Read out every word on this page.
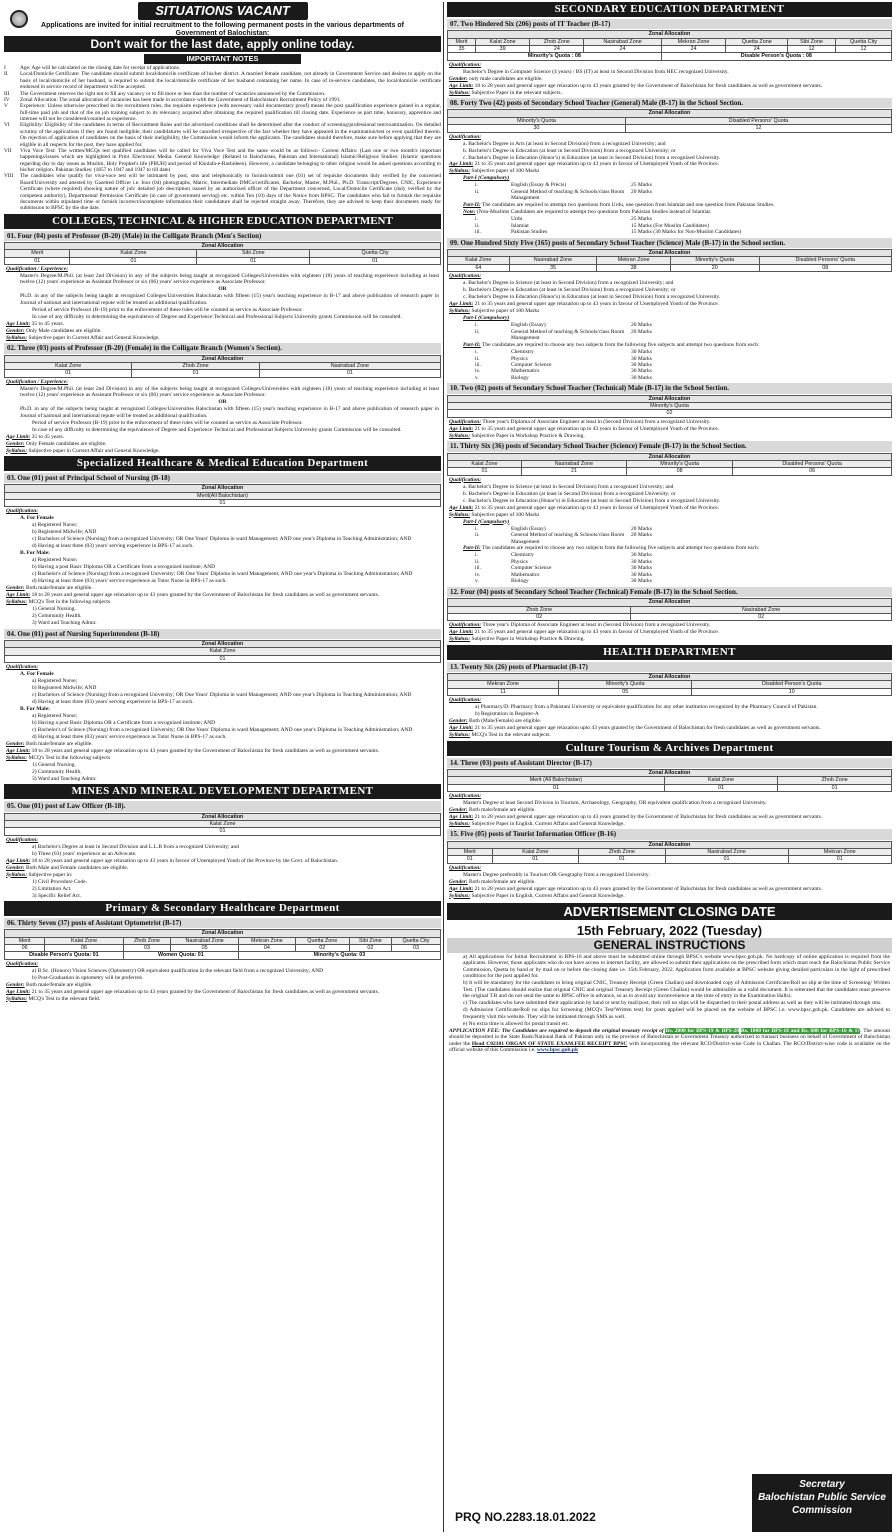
SITUATIONS VACANT
Applications are invited for initial recruitment to the following permanent posts in the various departments of Government of Balochistan:
Don't wait for the last date, apply online today.
IMPORTANT NOTES
I	Age: Age will be calculated on the closing date for receipt of applications.
II	Local/Domicile Certificate: The candidate should submit local/domicile certificate of his/her district. A married female candidate, not already in Government Service and desires to apply on the basis of local/domicile of her husband, is required to submit the local/domicile certificate of her husband containing her name. In case of in-service candidates, the local/domicile certificate endorsed in service record of department will be accepted.
III	The Government reserves the right not to fill any vacancy or to fill more or less than the number of vacancies announced by the Commission.
IV	Zonal Allocation: The zonal allocation of vacancies has been made in accordance with the Government of Balochistan's Recruitment Policy of 1991.
V	Experience: Unless otherwise prescribed in the recruitment rules, the requisite experience (with necessary valid documentary proof) means the post qualification experience gained in a regular, full-time paid job and that of the on job training subject to its relevancy acquired after obtaining the required qualification till closing date. Experience as part time, honorary, apprentice and internee will not be considered/counted as experience.
VI	Eligibility: Eligibility of the candidates in terms of Recruitment Rules and the advertised conditions shall be determined after the conduct of screening/professional test/examination. On detailed scrutiny of the applications if they are found ineligible, their candidatures will be cancelled irrespective of the fact whether they have appeared in the examination/test or even qualified therein. On rejection of application of candidates on the basis of their ineligibility, the Commission would inform the applicants. The candidates should therefore, make sure before applying that they are eligible in all respects for the post, they have applied for.
VII	Viva Voce Test: The written/MCQs test qualified candidates will be called for Viva Voce Test and the same would be as follows:- Current Affairs: (Last one or two month's important happenings/issues which are highlighted in Print /Electronic Media. General Knowledge: (Related to Balochistan, Pakistan and International) Islamic/Religious Studies: (Islamic questions regarding day to day issues as Muslim, Holy Prophet's life (PBUH) and period of Khulafa-e-Rashideen). However, a candidate belonging to other religion would be asked questions according to his/her religion. Pakistan Studies: (1857 to 1947 and 1947 to till date)
VIII	The candidates who qualify for viva-voce test will be intimated by post, sms and telephonically to furnish/submit one (01) set of requisite documents duly verified by the concerned Board/University and attested by Gazetted Officer i.e. four (04) photographs, Matric, Intermediate DMCs/certificates, Bachelor, Master, M.Phil., Ph.D. Transcript/Degrees, CNIC, Experience Certificate (where required) showing nature of job/ detailed job description issued by an authorized officer of the Department concerned, Local/Domicile Certificate (duly verified by the competent authority), Departmental Permission Certificate (in case of government serving) etc. within Ten (10) days of the Notice from BPSC. The candidates who fail to furnish the requisite documents within stipulated time or furnish incorrect/incomplete information their candidature shall be rejected straight away. Therefore, they are advised to keep their documents ready for submission to BPSC by the due date.
COLLEGES, TECHNICAL & HIGHER EDUCATION DEPARTMENT
01. Four (04) posts of Professor (B-20) (Male) in the Colligate Branch (Men's Section)
Zonal Allocation			
Merit	Kalat Zone	Sibi Zone	Quetta City
01	01	01	01
Qualification / Experience:
Master's Degree/M.Phil. (at least 2nd Division) in any of the subjects being taught at recognized Colleges/Universities with eighteen (18) years of teaching experience including at least twelve (12) years' experience as Assistant Professor or six (06) years' service experience as Associate Professor.
OR
Ph.D. in any of the subjects being taught at recognized Colleges/Universities Balochistan with fifteen (15) year's teaching experience in B-17 and above publication of research paper in Journal of national and international repute will be treated as additional qualification.
Period of service Professor (B-19) prior to the enforcement of these rules will be counted as service as Associate Professor.
In case of any difficulty in determining the equivalence of Degree and Experience Technical and Professional Subjects University grants Commission will be consulted.
Age Limit: 35 to 45 years.
Gender: Only Male candidates are eligible.
Syllabus: Subjective paper in Current Affair and General Knowledge.
02. Three (03) posts of Professor (B-20) (Female) in the Colligate Branch (Women's Section).
Zonal Allocation		
Kalat Zone	Zhob Zone	Nasirabad Zone
01	01	01
Qualification / Experience:
Master's Degree/M.Phil. (at least 2nd Division) in any of the subjects being taught at recognized Colleges/Universities with eighteen (18) years of teaching experience including at least twelve (12) years' experience as Assistant Professor or six (06) years' service experience as Associate Professor.
OR
Ph.D. in any of the subjects being taught at recognized Colleges/Universities Balochistan with fifteen (15) year's teaching experience in B-17 and above publication of research paper in Journal of national and international repute will be treated as additional qualification.
Period of service Professor (B-19) prior to the enforcement of these rules will be counted as service as Associate Professor.
In case of any difficulty in determining the equivalence of Degree and Experience Technical and Professional Subjects University grants Commission will be consulted.
Age Limit: 35 to 45 years.
Gender: Only Female candidates are eligible.
Syllabus: Subjective paper in Current Affair and General Knowledge.
Specialized Healthcare & Medical Education Department
03. One (01) post of Principal School of Nursing (B-18)
Zonal Allocation
Merit(All Balochistan)
01
Qualification:
A. For Female
a) Registered Nurse;
b) Registered Midwife; AND
c) Bachelors of Science (Nursing) from a recognized University; OR One Years' Diploma in ward Management; AND one year's Diploma in Teaching Administration; AND
d) Having at least three (03) years' serving experience in BPS-17 as such.
B. For Male:
a) Registered Nurse;
b) Having a post Basic Diploma OR a Certificate from a recognized institute; AND
c) Bachelor's of Science (Nursing) from a recognized University; OR One Years' Diploma in ward Management; AND one year's Diploma in Teaching Administration; AND
d) Having at least three (03) years' service experience as Tutor Nurse in BPS-17 as such.
Gender: Both male/female are eligible.
Age Limit: 18 to 28 years and general upper age relaxation up to 43 years granted by the Government of Balochistan for fresh candidates as well as government servants.
Syllabus: MCQ's Test in the following subjects
1) General Nursing.
2) Community Health.
3) Ward and Teaching Admn:
04. One (01) post of Nursing Superintendent (B-18)
Zonal Allocation
Kalat Zone
01
Qualification:
A. For Female
a) Registered Nurse;
b) Registered Midwife; AND
c) Bachelors of Science (Nursing) from a recognized University; OR One Years' Diploma in ward Management; AND one year's Diploma in Teaching Administration; AND
d) Having at least three (03) years' serving experience in BPS-17 as such.
B. For Male:
a) Registered Nurse;
b) Having a post Basic Diploma OR a Certificate from a recognized institute; AND
c) Bachelor's of Science (Nursing) from a recognized University; OR One Years' Diploma in ward Management; AND one year's Diploma in Teaching Administration; AND
d) Having at least three (03) years' service experience as Tutor Nurse in BPS-17 as such.
Gender: Both male/female are eligible.
Age Limit: 18 to 28 years and general upper age relaxation up to 43 years granted by the Government of Balochistan for fresh candidates as well as government servants.
Syllabus: MCQ's Test in the following subjects
1) General Nursing.
2) Community Health.
3) Ward and Teaching Admn:
MINES AND MINERAL DEVELOPMENT DEPARTMENT
05. One (01) post of Law Officer (B-18).
Zonal Allocation
Kalat Zone
01
Qualification:
a) Bachelor's Degree at least in Second Division and L.L.B from a recognized University; and
b) Three (03) years' experience as an Advocate.
Age Limit: 18 to 28 years and general upper age relaxation up to 43 years in favour of Unemployed Youth of the Province by the Govt. of Balochistan.
Gender: Both Male and Female candidates are eligible.
Syllabus: Subjective paper in:
1) Civil Procedure Code.
2) Limitation Act.
3) Specific Relief Act.
Primary & Secondary Healthcare Department
06. Thirty Seven (37) posts of Assistant Optometrist (B-17)
Zonal Allocation							
Merit	Kalat Zone	Zhob Zone	Nasirabad Zone	Mekran Zone	Quetta Zone	Sibi Zone	Quetta City
06	06	03	05	04	02	02	03
Disable Person's Quota: 01		Women Quota: 01		Minority's Quota: 03			
Qualification:
a) B.Sc. (Honors) Vision Sciences (Optometry) OR equivalent qualification in the relevant field from a recognized University; AND
b) Post-Graduation in optometry will be preferred.
Gender: Both male/female are eligible.
Age Limit: 21 to 35 years and general upper age relaxation up to 43 years granted by the Government of Balochistan for fresh candidates as well as government servants.
Syllabus: MCQ's Test in the relevant field.
SECONDARY EDUCATION DEPARTMENT
07. Two Hindered Six (206) posts of IT Teacher (B-17)
Zonal Allocation							
Merit	Kalat Zone	Zhob Zone	Nasirabad Zone	Mekran Zone	Quetta Zone	Sibi Zone	Quetta City
35	39	24	24	24	24	12	12
Minority's Quota : 08				Disable Person's Quota : 08			
Qualification:
Bachelor's Degree in Computer Science (4 years) / BS (IT) at least in Second Division from HEC recognized University.
Gender: only male candidates are eligible.
Age Limit: 18 to 28 years and general upper age relaxation up to 43 years granted by the Government of Balochistan for fresh candidates as well as government servants.
Syllabus: Subjective Paper in the relevant subjects.
08. Forty Two (42) posts of Secondary School Teacher (General) Male (B-17) in the School Section.
Zonal Allocation	
Minority's Quota	Disabled Persons' Quota
30	12
Qualification:
a. Bachelor's Degree in Arts (at least in Second Division) from a recognized University; and
b. Bachelor's Degree in Education (at least in Second Division) from a recognized University; or
c. Bachelor's Degree in Education (Honor's) in Education (at least in Second Division) from a recognized University.
Age Limit: 21 to 35 years and general upper age relaxation up to 43 years in favour of Unemployed Youth of the Province.
Syllabus: Subjective paper of 100 Marks
Part-I (Compulsory)
i.	English (Essay & Précis)	25 Marks
ii.	General Method of teaching & Schools/class Room Management
20 Marks
Part-II: The candidates are required to attempt two questions from Urdu, one question from Islamiat and one question from Pakistan Studies.
Note: (Non-Muslims Candidates are required to attempt two questions from Pakistan Studies instead of Islamiat.
i.	Urdu	25 Marks
ii.	Islamiat	15 Marks (For Muslim Candidates)
iii.	Pakistan Studies	15 Marks (30 Marks for Non-Muslim Candidates)
09. One Hundred Sixty Five (165) posts of Secondary School Teacher (Science) Male (B-17) in the School section.
Zonal Allocation				
Kalat Zone	Nasirabad Zone	Mekran Zone	Minority's Quota	Disabled Persons' Quota
64	35	38	20	08
Qualification:
a. Bachelor's Degree in Science (at least in Second Division) from a recognized University; and
b. Bachelor's Degree in Education (at least in Second Division) from a recognized University; or
c. Bachelor's Degree in Education (Honor's) in Education (at least in Second Division) from a recognized University.
Age Limit: 21 to 35 years and general upper age relaxation up to 43 years in favour of Unemployed Youth of the Province.
Syllabus: Subjective paper of 100 Marks
Part-I (Compulsory)
i.	English (Essay)	20 Marks
ii.	General Method of teaching & Schools/class Room Management
20 Marks
Part-II: The candidates are required to choose any two subjects from the following five subjects and attempt two questions from each:
i.	Chemistry	30 Marks
ii.	Physics	30 Marks
iii.	Computer Science	30 Marks
iv.	Mathematics	30 Marks
v.	Biology	30 Marks
10. Two (02) posts of Secondary School Teacher (Technical) Male (B-17) in the School Section.
Zonal Allocation
Minority's Quota
02
Qualification: Three year's Diploma of Associate Engineer at least in (Second Division) from a recognized University.
Age Limit: 21 to 35 years and general upper age relaxation up to 43 years in favour of Unemployed Youth of the Province.
Syllabus: Subjective Paper in Workshop Practice & Drawing.
11. Thirty Six (36) posts of Secondary School Teacher (Science) Female (B-17) in the School Section.
Zonal Allocation			
Kalat Zone	Nasirabad Zone	Minority's Quota	Disabled Persons' Quota
01	21	08	06
Qualification:
a. Bachelor's Degree in Science (at least in Second Division) from a recognized University; and
b. Bachelor's Degree in Education (at least in Second Division) from a recognized University; or
c. Bachelor's Degree in Education (Honor's) in Education (at least in Second Division) from a recognized University.
Age Limit: 21 to 35 years and general upper age relaxation up to 43 years in favour of Unemployed Youth of the Province.
Syllabus: Subjective paper of 100 Marks
Part-I (Compulsory)
i.	English (Essay)	20 Marks
ii.	General Method of teaching & Schools/class Room Management
20 Marks
Part-II: The candidates are required to choose any two subjects from the following five subjects and attempt two questions from each:
i.	Chemistry	30 Marks
ii.	Physics	30 Marks
iii.	Computer Science	30 Marks
iv.	Mathematics	30 Marks
v.	Biology	30 Marks
12. Four (04) posts of Secondary School Teacher (Technical) Female (B-17) in the School Section.
Zonal Allocation	
Zhob Zone	Nasirabad Zone
02	02
Qualification: Three year's Diploma of Associate Engineer at least in (Second Division) from a recognized University.
Age Limit: 21 to 35 years and general upper age relaxation up to 43 years in favour of Unemployed Youth of the Province.
Syllabus: Subjective Paper in Workshop Practice & Drawing.
HEALTH DEPARTMENT
13. Twenty Six (26) posts of Pharmacist (B-17)
Zonal Allocation		
Mekran Zone	Minority's Quota	Disabled Person's Quota
11	05	10
Qualification:
a) Pharmacy/D. Pharmacy from a Pakistani University or equivalent qualification for any other institution recognized by the Pharmacy Council of Pakistan.
b) Registration in Register-A
Gender: Both (Male/Female) are eligible.
Age Limit: 21 to 35 years and general upper age relaxation upto 43 years granted by the Government of Balochistan for fresh candidates as well as government servants.
Syllabus: MCQ's Test in the relevant subjects.
Culture Tourism & Archives Department
14. Three (03) posts of Assistant Director (B-17)
Zonal Allocation		
Merit (All Balochistan)	Kalat Zone	Zhob Zone
01	01	01
Qualification:
Master's Degree at least Second Division in Tourism, Archaeology, Geography, OR equivalent qualification from a recognized University.
Gender: Both male/female are eligible.
Age Limit: 21 to 28 years and general upper age relaxation up to 43 years granted by the Government of Balochistan for fresh candidates as well as government servants.
Syllabus: Subjective Paper in English, Current Affairs and General Knowledge.
15. Five (05) posts of Tourist Information Officer (B-16)
Zonal Allocation				
Merit	Kalat Zone	Zhob Zone	Nasirabad Zone	Mekran Zone
01	01	01	01	01
Qualification:
Master's Degree preferably in Tourism OR Geography from a recognized University.
Gender: Both male/female are eligible.
Age Limit: 21 to 28 years and general upper age relaxation up to 43 years granted by the Government of Balochistan for fresh candidates as well as government servants.
Syllabus: Subjective Paper in English, Current Affairs and General Knowledge.
ADVERTISEMENT CLOSING DATE
15th February, 2022 (Tuesday)
GENERAL INSTRUCTIONS
a) All applications for Initial Recruitment in BPS-16 and above must be submitted online through BPSC's website www.bpsc.gob.pk. No hardcopy of online application is required from the applicants. However, those applicants who do not have access to internet facility, are allowed to submit their applications on the prescribed form which must reach the Balochistan Public Service Commission, Quetta by hand or by mail on or before the closing date i.e. 15th February, 2022. Application form available at BPSC website giving detailed particulars in the light of prescribed conditions for the post applied for.
b) It will be mandatory for the candidates to bring original CNIC, Treasury Receipt (Green Challan) and downloaded copy of Admission Certificate/Roll no slip at the time of Screening/ Written Test. (The candidates should realize that original CNIC and original Treasury Receipt (Green Challan) would be admissible as a valid document. It is reiterated that the candidates must preserve the original T.R and do not send the same to BPSC office in advance, so as to avoid any inconvenience at the time of entry in the Examination Halls).
c) The candidates who have submitted their application by hand or sent by mail/post, their roll no slips will be dispatched to their postal address as well as they will be intimated through sms.
d) Admission Certificate/Roll no slips for Screening (MCQ's Test/Written test) for posts applied will be placed on the website of BPSC i.e. www.bpsc.gob.pk. Candidates are advised to frequently visit this website. They will be intimated through SMS as well.
e) No extra time is allowed for postal transit etc.
APPLICATION FEE: The Candidates are required to deposit the original treasury receipt of Rs. 2000 for BPS-19 & BPS-20 Rs. 1000 for BPS-18 and Rs. 600 for BPS-16 & 17. The amount should be deposited in the State Bank/National Bank of Pakistan only in the province of Balochistan or Government Treasury authorized to transact business on behalf of Government of Balochistan under the Head C02101 ORGAN OF STATE EXAM.FEE RECEIPT BPSC with incorporating the relevant RCO/District-wise Code in Challan. The RCO/District-wise code is available on the official website of this Commission i.e. www.bpsc.gob.pk
PRQ NO.2283.18.01.2022
Secretary
Balochistan Public Service
Commission
